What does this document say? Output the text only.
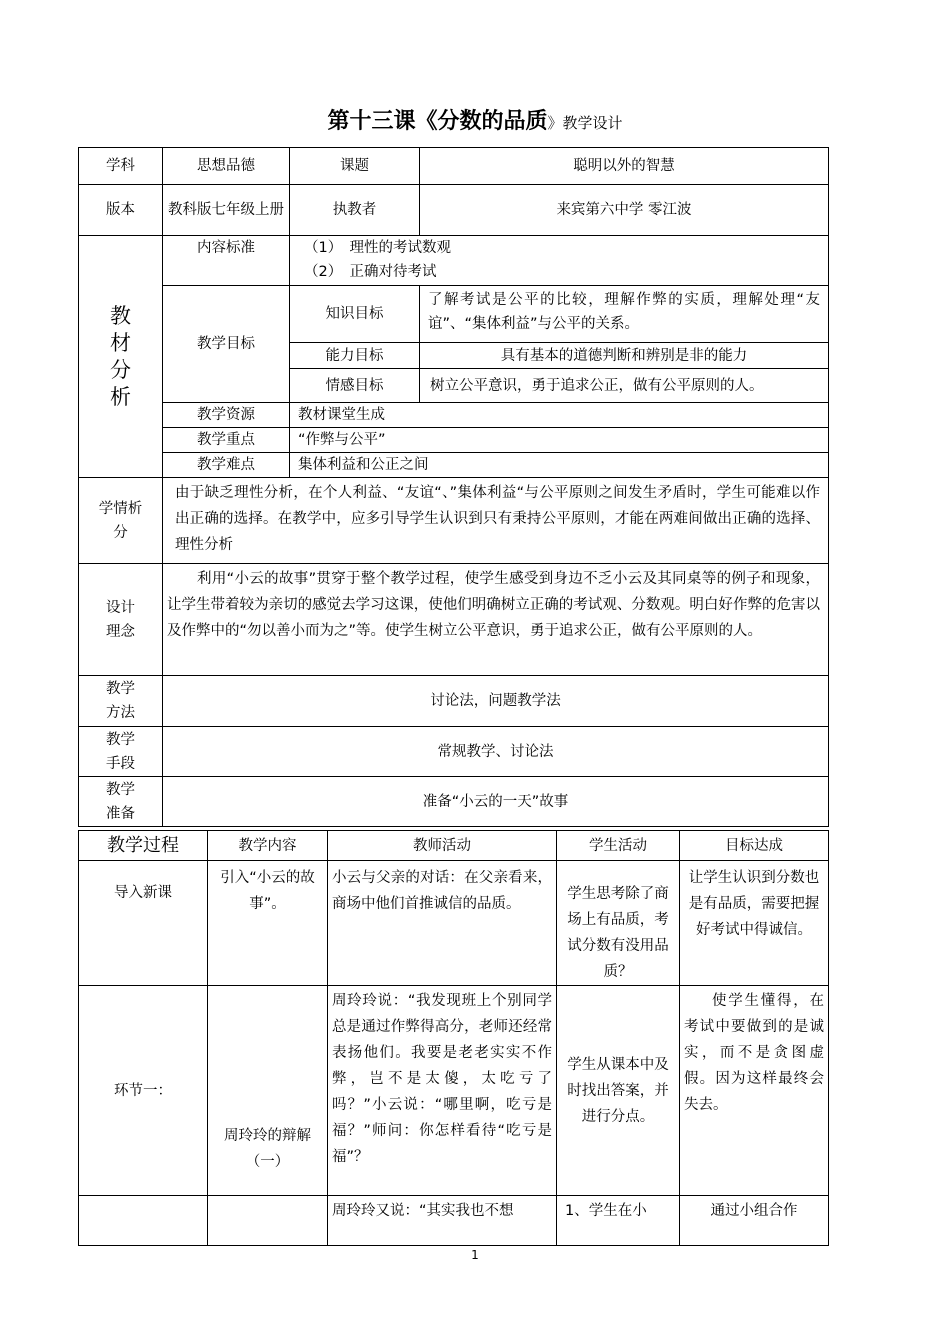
第十三课《分数的品质》教学设计
学科	思想品德	课题	聪明以外的智慧
版本	教科版七年级上册	执教者	来宾第六中学 零江波

教材分析	内容标准	（1）　理性的考试数观
（2）　正确对待考试	

	教学目标	知识目标	了解考试是公平的比较，理解作弊的实质，理解处理“友谊”、“集体利益”与公平的关系。
		能力目标	具有基本的道德判断和辨别是非的能力
		情感目标	树立公平意识，勇于追求公正，做有公平原则的人。
	教学资源	教材课堂生成	
	教学重点	“作弊与公平”	
	教学难点	集体利益和公正之间	

学情析分	由于缺乏理性分析，在个人利益、“友谊“、”集体利益“与公平原则之间发生矛盾时，学生可能难以作出正确的选择。在教学中，应多引导学生认识到只有秉持公平原则，才能在两难间做出正确的选择、理性分析		

设计理念	利用“小云的故事”贯穿于整个教学过程，使学生感受到身边不乏小云及其同桌等的例子和现象，让学生带着较为亲切的感觉去学习这课，使他们明确树立正确的考试观、分数观。明白好作弊的危害以及作弊中的“勿以善小而为之”等。使学生树立公平意识，勇于追求公正，做有公平原则的人。		

教学方法	讨论法，问题教学法		

教学手段	常规教学、讨论法		

教学准备	准备“小云的一天”故事		
教学过程	教学内容	教师活动	学生活动	目标达成
导入新课	引入“小云的故事”。	小云与父亲的对话：在父亲看来，商场中他们首推诚信的品质。	学生思考除了商场上有品质，考试分数有没用品质？	让学生认识到分数也是有品质，需要把握好考试中得诚信。
环节一：	周玲玲的辩解（一）	周玲玲说：“我发现班上个别同学总是通过作弊得高分，老师还经常表扬他们。我要是老老实实不作弊，岂不是太傻，太吃亏了吗？”小云说：“哪里啊，吃亏是福？”师问：你怎样看待“吃亏是福”？	学生从课本中及时找出答案，并进行分点。	使学生懂得，在考试中要做到的是诚实，而不是贪图虚假。因为这样最终会失去。
		周玲玲又说：“其实我也不想	1、学生在小	通过小组合作
1
